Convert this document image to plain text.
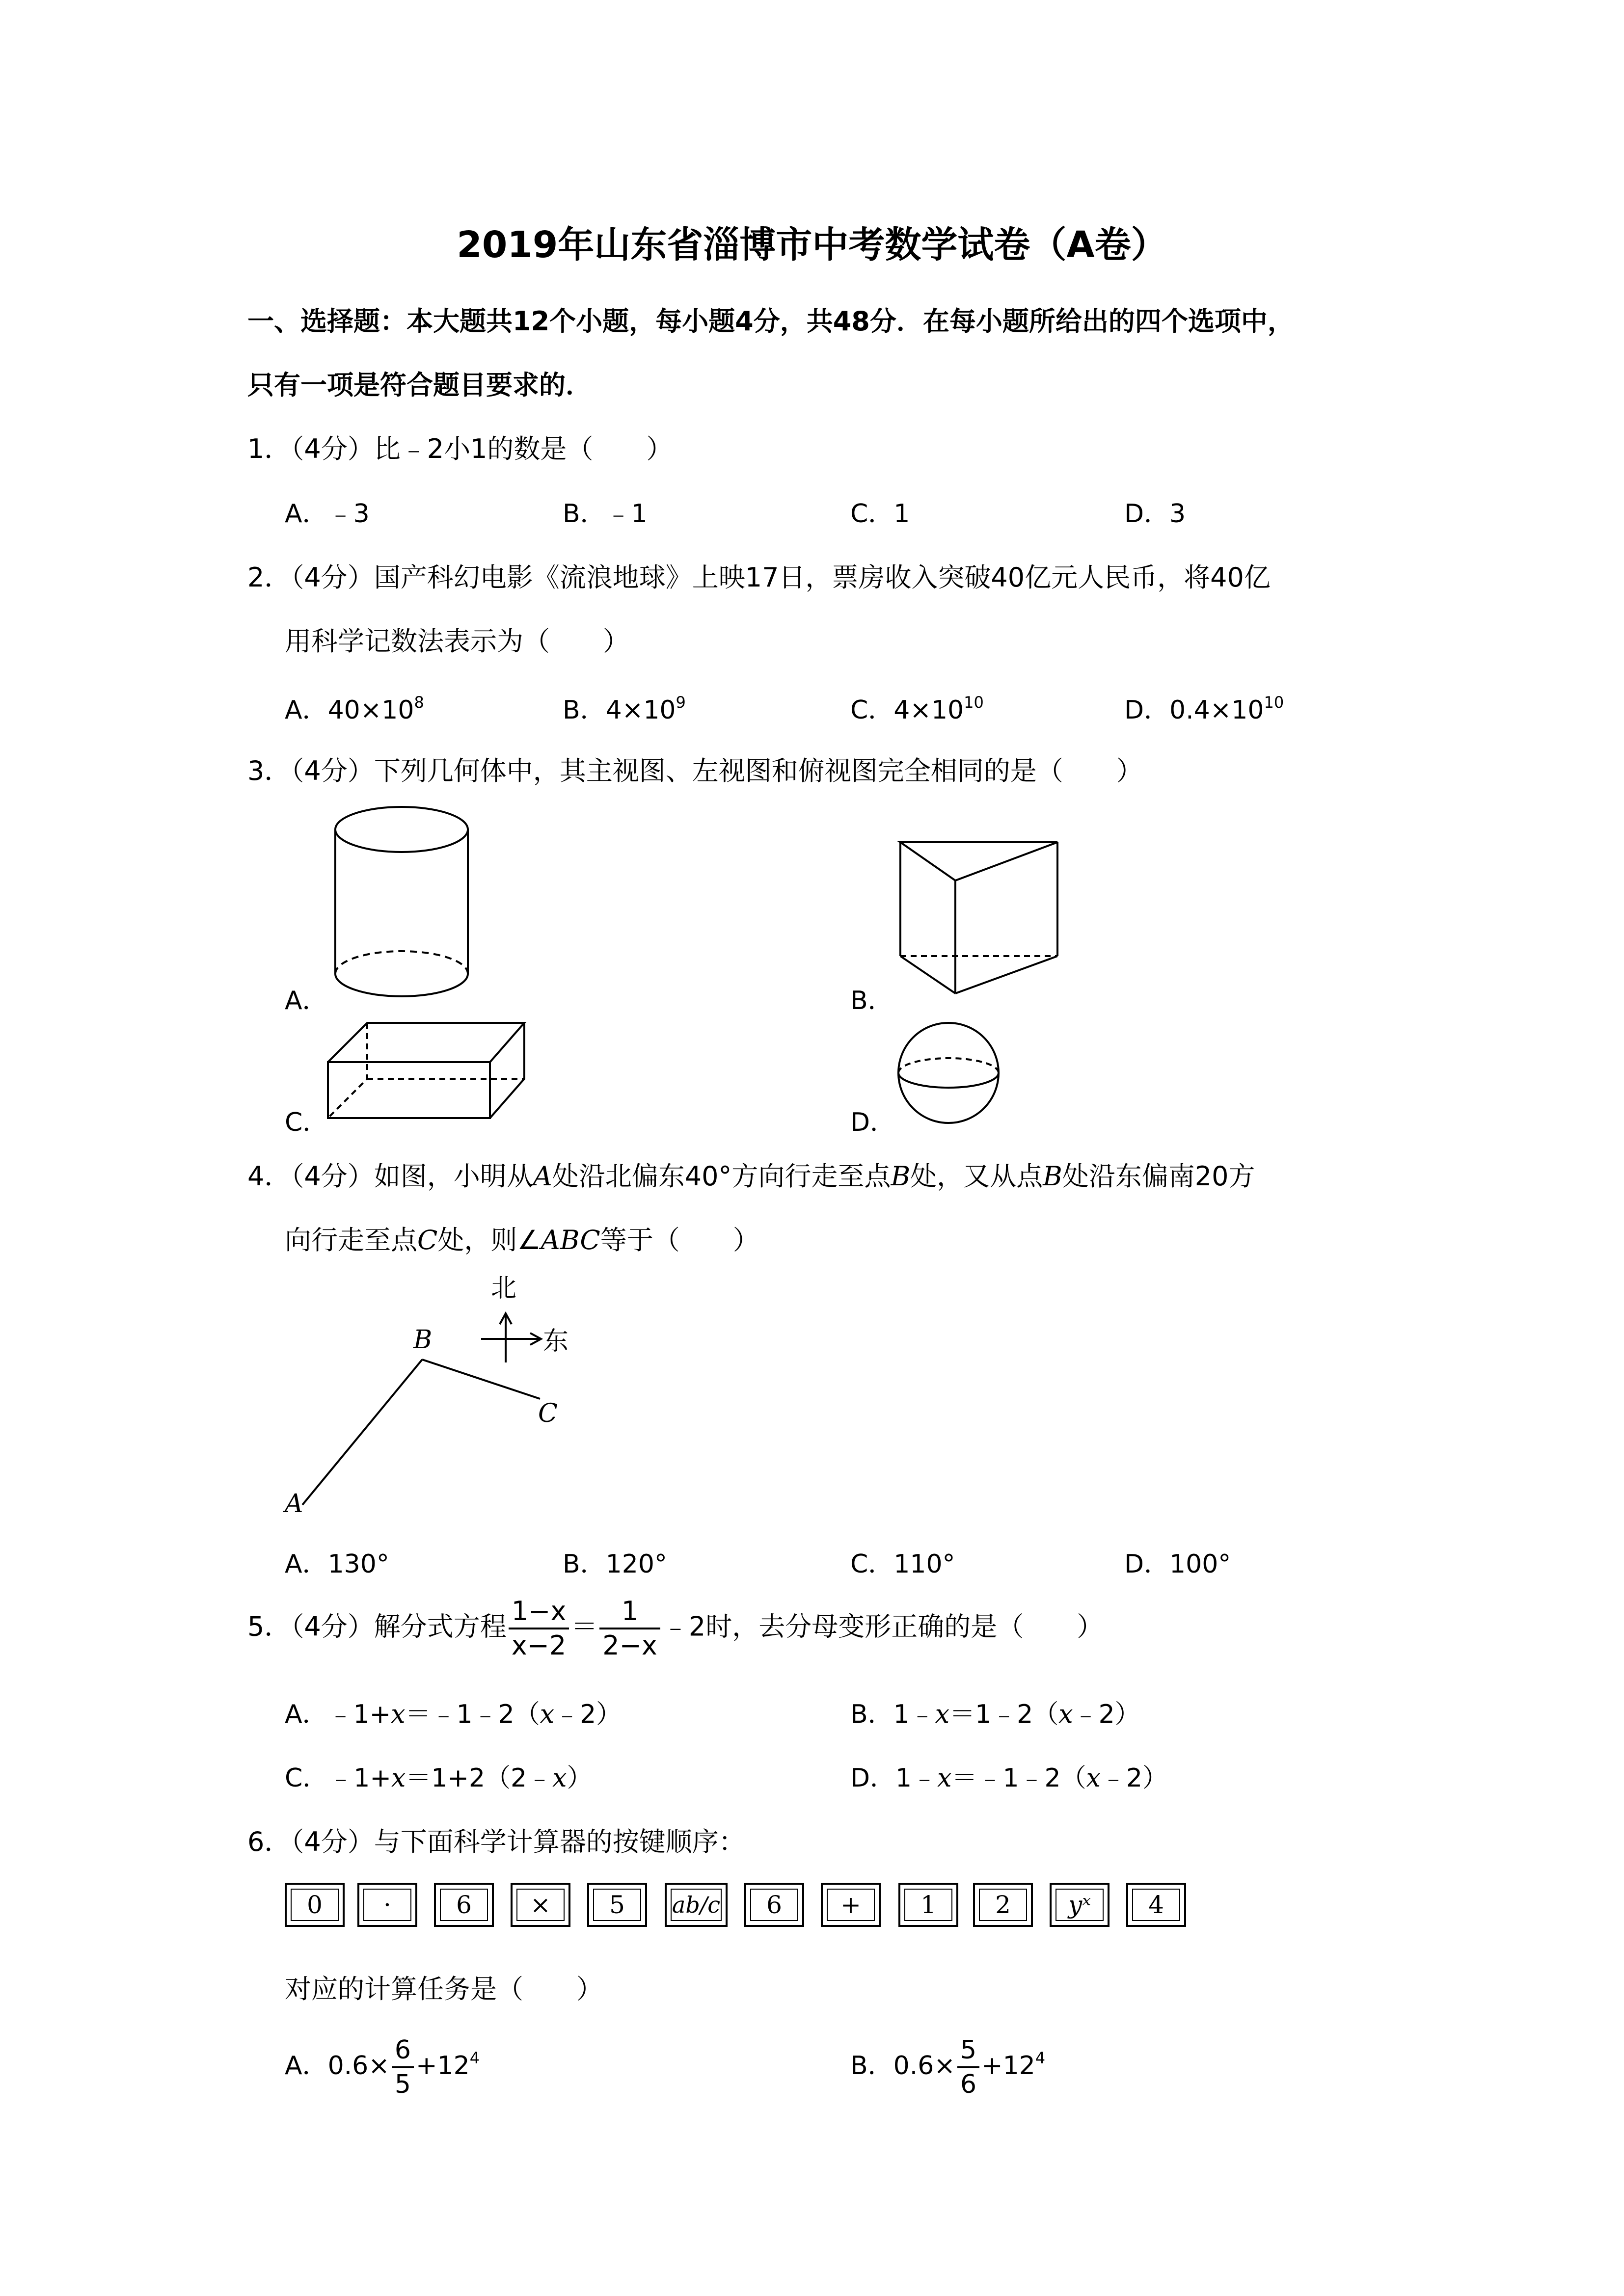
2019年山东省淄博市中考数学试卷（A卷）
一、选择题：本大题共12个小题，每小题4分，共48分．在每小题所给出的四个选项中，
只有一项是符合题目要求的．
1．（4分）比﹣2小1的数是（　　）
A．﹣3	B．﹣1	C．1	D．3
2．（4分）国产科幻电影《流浪地球》上映17日，票房收入突破40亿元人民币，将40亿
用科学记数法表示为（　　）
A．$40\times 10^8$	B．$4\times 10^9$	C．$4\times 10^{10}$	D．$0.4\times 10^{10}$
3．（4分）下列几何体中，其主视图、左视图和俯视图完全相同的是（　　）
A．	B．
C．	D．
4．（4分）如图，小明从A处沿北偏东40°方向行走至点B处，又从点B处沿东偏南20方
向行走至点C处，则∠ABC等于（　　）
北
东
B
C
A
A．130°	B．120°	C．110°	D．100°
5．（4分）解分式方程 $\frac{1-x}{x-2} = \frac{1}{2-x}$ ﹣2时，去分母变形正确的是（　　）
A．﹣1+x＝﹣1﹣2（x﹣2）	B．1﹣x＝1﹣2（x﹣2）
C．﹣1+x＝1+2（2﹣x）	D．1﹣x＝﹣1﹣2（x﹣2）
6．（4分）与下面科学计算器的按键顺序：
0	·	6	×	5	ab/c	6	+	1	2	yˣ	4
对应的计算任务是（　　）
A．$0.6\times \frac{6}{5} +12^4$	B．$0.6\times \frac{5}{6} +12^4$
